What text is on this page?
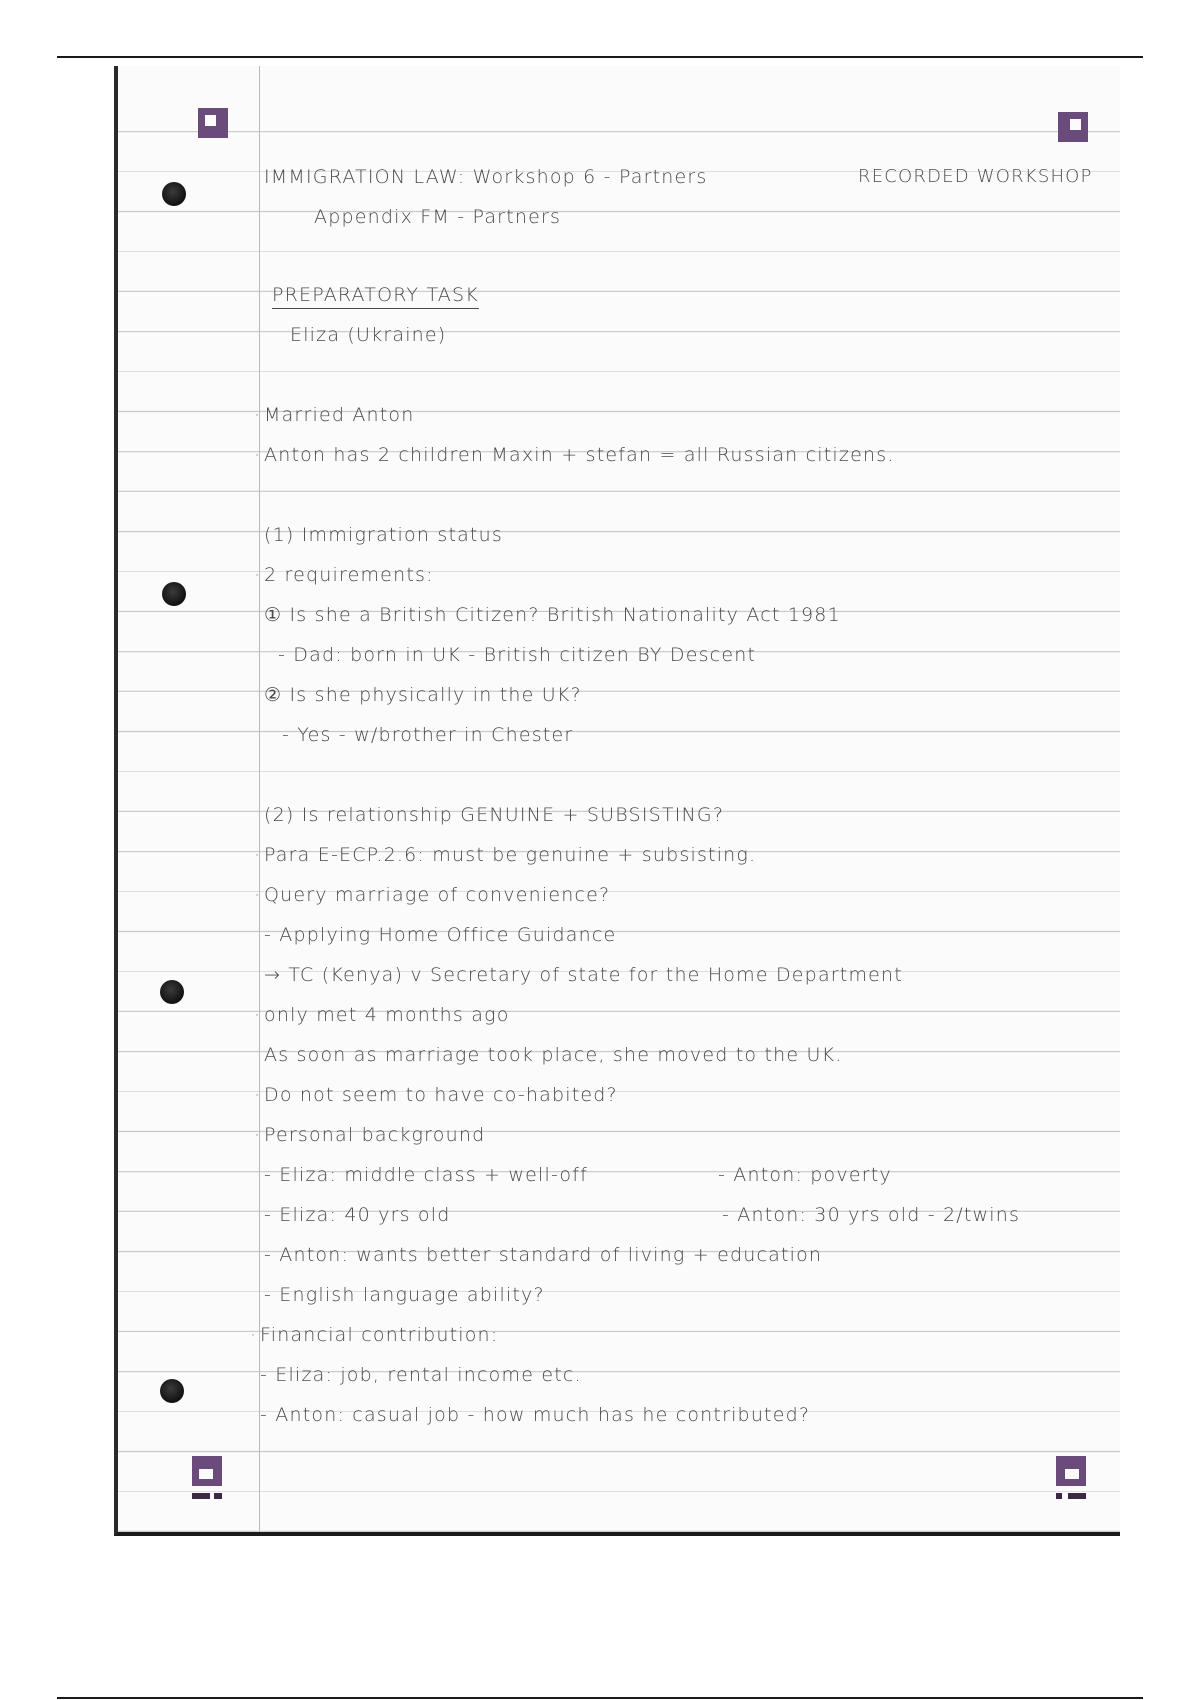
IMMIGRATION LAW: Workshop 6 - Partners	RECORDED WORKSHOP

Appendix FM - Partners

PREPARATORY TASK

Eliza (Ukraine)

· Married Anton

· Anton has 2 children Maxin + stefan = all Russian citizens.

(1) Immigration status

· 2 requirements:

① Is she a British Citizen? British Nationality Act 1981

- Dad: born in UK - British citizen BY Descent

② Is she physically in the UK?

- Yes - w/brother in Chester

(2) Is relationship GENUINE + SUBSISTING?

· Para E-ECP.2.6: must be genuine + subsisting.

· Query marriage of convenience?

- Applying Home Office Guidance

→ TC (Kenya) v Secretary of state for the Home Department

· only met 4 months ago

As soon as marriage took place, she moved to the UK.

· Do not seem to have co-habited?

· Personal background

- Eliza: middle class + well-off	- Anton: poverty

- Eliza: 40 yrs old	- Anton: 30 yrs old - 2/twins

- Anton: wants better standard of living + education

- English language ability?

· Financial contribution:

- Eliza: job, rental income etc.

- Anton: casual job - how much has he contributed?
